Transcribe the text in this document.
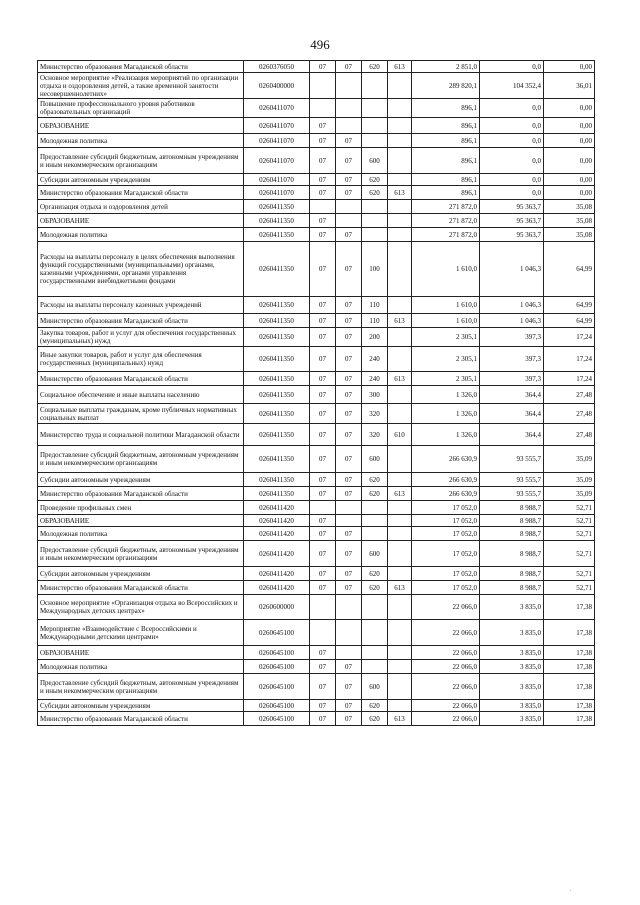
496
Министерство образования Магаданской области	0260376050	07	07	620	613	2 851,0	0,0	0,00
Основное мероприятие «Реализация мероприятий по организации отдыха и оздоровления детей, а также временной занятости несовершеннолетних»	0260400000					289 820,1	104 352,4	36,01
Повышение профессионального уровня работников образовательных организаций	0260411070					896,1	0,0	0,00
ОБРАЗОВАНИЕ	0260411070	07				896,1	0,0	0,00
Молодежная политика	0260411070	07	07			896,1	0,0	0,00
Предоставление субсидий бюджетным, автономным учреждениям и иным некоммерческим организациям	0260411070	07	07	600		896,1	0,0	0,00
Субсидии автономным учреждениям	0260411070	07	07	620		896,1	0,0	0,00
Министерство образования Магаданской области	0260411070	07	07	620	613	896,1	0,0	0,00
Организация отдыха и оздоровления детей	0260411350					271 872,0	95 363,7	35,08
ОБРАЗОВАНИЕ	0260411350	07				271 872,0	95 363,7	35,08
Молодежная политика	0260411350	07	07			271 872,0	95 363,7	35,08
Расходы на выплаты персоналу в целях обеспечения выполнения функций государственными (муниципальными) органами, казенными учреждениями, органами управления государственными внебюджетными фондами	0260411350	07	07	100		1 610,0	1 046,3	64,99
Расходы на выплаты персоналу казенных учреждений	0260411350	07	07	110		1 610,0	1 046,3	64,99
Министерство образования Магаданской области	0260411350	07	07	110	613	1 610,0	1 046,3	64,99
Закупка товаров, работ и услуг для обеспечения государственных (муниципальных) нужд	0260411350	07	07	200		2 305,1	397,3	17,24
Иные закупки товаров, работ и услуг для обеспечения государственных (муниципальных) нужд	0260411350	07	07	240		2 305,1	397,3	17,24
Министерство образования Магаданской области	0260411350	07	07	240	613	2 305,1	397,3	17,24
Социальное обеспечение и иные выплаты населению	0260411350	07	07	300		1 326,0	364,4	27,48
Социальные выплаты гражданам, кроме публичных нормативных социальных выплат	0260411350	07	07	320		1 326,0	364,4	27,48
Министерство труда и социальной политики Магаданской области	0260411350	07	07	320	610	1 326,0	364,4	27,48
Предоставление субсидий бюджетным, автономным учреждениям и иным некоммерческим организациям	0260411350	07	07	600		266 630,9	93 555,7	35,09
Субсидии автономным учреждениям	0260411350	07	07	620		266 630,9	93 555,7	35,09
Министерство образования Магаданской области	0260411350	07	07	620	613	266 630,9	93 555,7	35,09
Проведение профильных смен	0260411420					17 052,0	8 988,7	52,71
ОБРАЗОВАНИЕ	0260411420	07				17 052,0	8 988,7	52,71
Молодежная политика	0260411420	07	07			17 052,0	8 988,7	52,71
Предоставление субсидий бюджетным, автономным учреждениям и иным некоммерческим организациям	0260411420	07	07	600		17 052,0	8 988,7	52,71
Субсидии автономным учреждениям	0260411420	07	07	620		17 052,0	8 988,7	52,71
Министерство образования Магаданской области	0260411420	07	07	620	613	17 052,0	8 988,7	52,71
Основное мероприятие «Организация отдыха во Всероссийских и Международных детских центрах»	0260600000					22 066,0	3 835,0	17,38
Мероприятие «Взаимодействие с Всероссийскими и Международными детскими центрами»	0260645100					22 066,0	3 835,0	17,38
ОБРАЗОВАНИЕ	0260645100	07				22 066,0	3 835,0	17,38
Молодежная политика	0260645100	07	07			22 066,0	3 835,0	17,38
Предоставление субсидий бюджетным, автономным учреждениям и иным некоммерческим организациям	0260645100	07	07	600		22 066,0	3 835,0	17,38
Субсидии автономным учреждениям	0260645100	07	07	620		22 066,0	3 835,0	17,38
Министерство образования Магаданской области	0260645100	07	07	620	613	22 066,0	3 835,0	17,38
.
